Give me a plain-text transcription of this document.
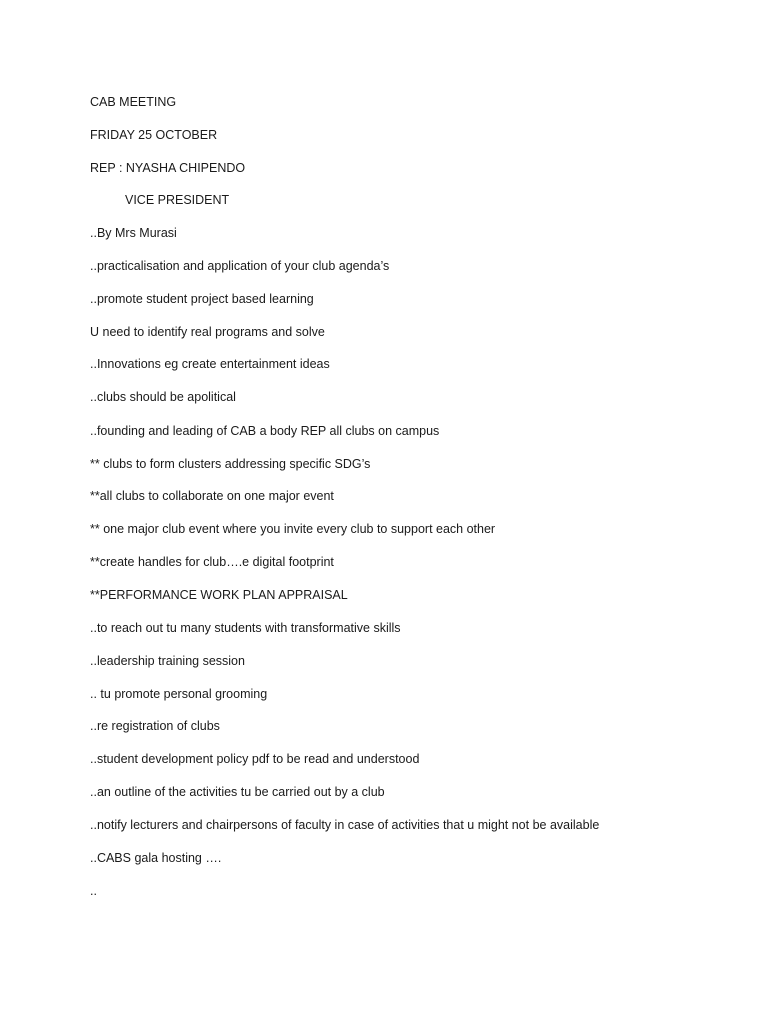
CAB MEETING
FRIDAY 25 OCTOBER
REP : NYASHA CHIPENDO
VICE PRESIDENT
..By Mrs Murasi
..practicalisation and application of your club agenda’s
..promote student project based learning
U need to identify real programs and solve
..Innovations eg create entertainment ideas
..clubs should be apolitical
..founding and leading of CAB a body REP all clubs on campus
** clubs to form clusters addressing specific SDG’s
**all clubs to collaborate on one major event
** one major club event where you invite every club to support each other
**create handles for club….e digital footprint
**PERFORMANCE WORK PLAN APPRAISAL
..to reach out tu many students with transformative skills
..leadership training session
.. tu promote personal grooming
..re registration of clubs
..student development policy pdf to be read and understood
..an outline of the activities tu be carried out by a club
..notify lecturers and chairpersons of faculty in case of activities that u might not be available
..CABS gala hosting ….
..
